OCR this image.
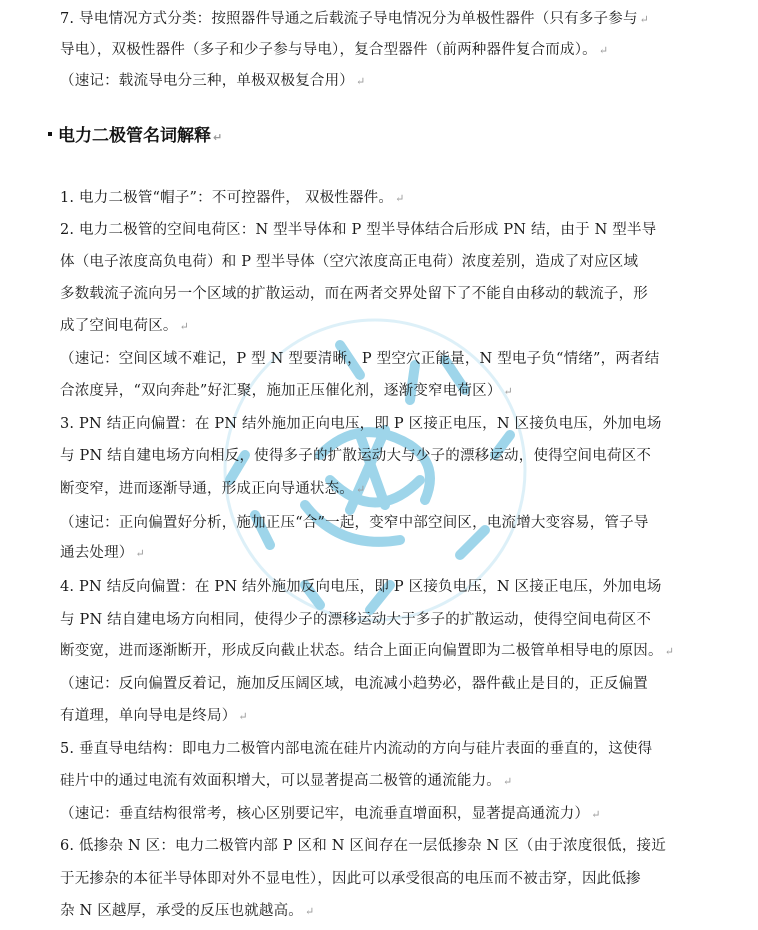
7. 导电情况方式分类：按照器件导通之后载流子导电情况分为单极性器件（只有多子参与 ↵
导电），双极性器件（多子和少子参与导电），复合型器件（前两种器件复合而成）。 ↵
（速记：载流导电分三种，单极双极复合用） ↵
电力二极管名词解释 ↵
1. 电力二极管“帽子”：不可控器件， 双极性器件。 ↵
2. 电力二极管的空间电荷区：N 型半导体和 P 型半导体结合后形成 PN 结，由于 N 型半导
体（电子浓度高负电荷）和 P 型半导体（空穴浓度高正电荷）浓度差别，造成了对应区域
多数载流子流向另一个区域的扩散运动，而在两者交界处留下了不能自由移动的载流子，形
成了空间电荷区。 ↵
（速记：空间区域不难记，P 型 N 型要清晰，P 型空穴正能量，N 型电子负“情绪”，两者结
合浓度异，“双向奔赴”好汇聚，施加正压催化剂，逐渐变窄电荷区） ↵
3. PN 结正向偏置：在 PN 结外施加正向电压，即 P 区接正电压，N 区接负电压，外加电场
与 PN 结自建电场方向相反，使得多子的扩散运动大与少子的漂移运动，使得空间电荷区不
断变窄，进而逐渐导通，形成正向导通状态。 ↵
（速记：正向偏置好分析，施加正压“合”一起，变窄中部空间区，电流增大变容易，管子导
通去处理） ↵
4. PN 结反向偏置：在 PN 结外施加反向电压，即 P 区接负电压，N 区接正电压，外加电场
与 PN 结自建电场方向相同，使得少子的漂移运动大于多子的扩散运动，使得空间电荷区不
断变宽，进而逐渐断开，形成反向截止状态。结合上面正向偏置即为二极管单相导电的原因。 ↵
（速记：反向偏置反着记，施加反压阔区域，电流减小趋势必，器件截止是目的，正反偏置
有道理，单向导电是终局） ↵
5. 垂直导电结构：即电力二极管内部电流在硅片内流动的方向与硅片表面的垂直的，这使得
硅片中的通过电流有效面积增大，可以显著提高二极管的通流能力。 ↵
（速记：垂直结构很常考，核心区别要记牢，电流垂直增面积，显著提高通流力） ↵
6. 低掺杂 N 区：电力二极管内部 P 区和 N 区间存在一层低掺杂 N 区（由于浓度很低，接近
于无掺杂的本征半导体即对外不显电性），因此可以承受很高的电压而不被击穿，因此低掺
杂 N 区越厚，承受的反压也就越高。 ↵
